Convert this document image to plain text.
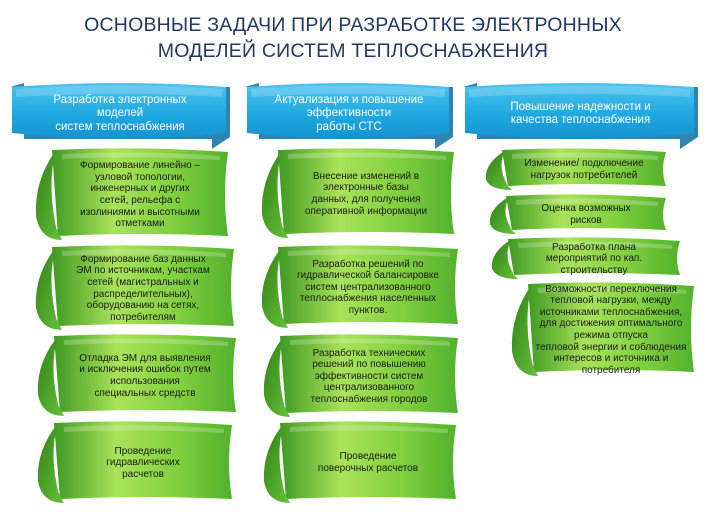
ОСНОВНЫЕ ЗАДАЧИ ПРИ РАЗРАБОТКЕ ЭЛЕКТРОННЫХ
МОДЕЛЕЙ СИСТЕМ ТЕПЛОСНАБЖЕНИЯ
Разработка электронных
моделей
систем теплоснабжения
Актуализация и повышение
эффективности
работы СТС
Повышение надежности и
качества теплоснабжения
Формирование линейно –
узловой топологии,
инженерных и других
сетей, рельефа с
изолиниями и высотными
отметками
Формирование баз данных
ЭМ по источникам, участкам
сетей (магистральных и
распределительных),
оборудованию на сетях,
потребителям
Отладка ЭМ для выявления
и исключения ошибок путем
использования
специальных средств
Проведение
гидравлических
расчетов
Внесение изменений в
электронные базы
данных, для получения
оперативной информации
Разработка решений по
гидравлической балансировке
систем централизованного
теплоснабжения населенных
пунктов.
Разработка технических
решений по повышению
эффективности систем
централизованного
теплоснабжения городов
Проведение
поверочных расчетов
Изменение/ подключение
нагрузок потребителей
Оценка возможных
рисков
Разработка плана
мероприятий по кап.
строительству
Возможности переключения
тепловой нагрузки, между
источниками теплоснабжения,
для достижения оптимального
режима отпуска
тепловой энергии и соблюдения
интересов и источника и
потребителя
